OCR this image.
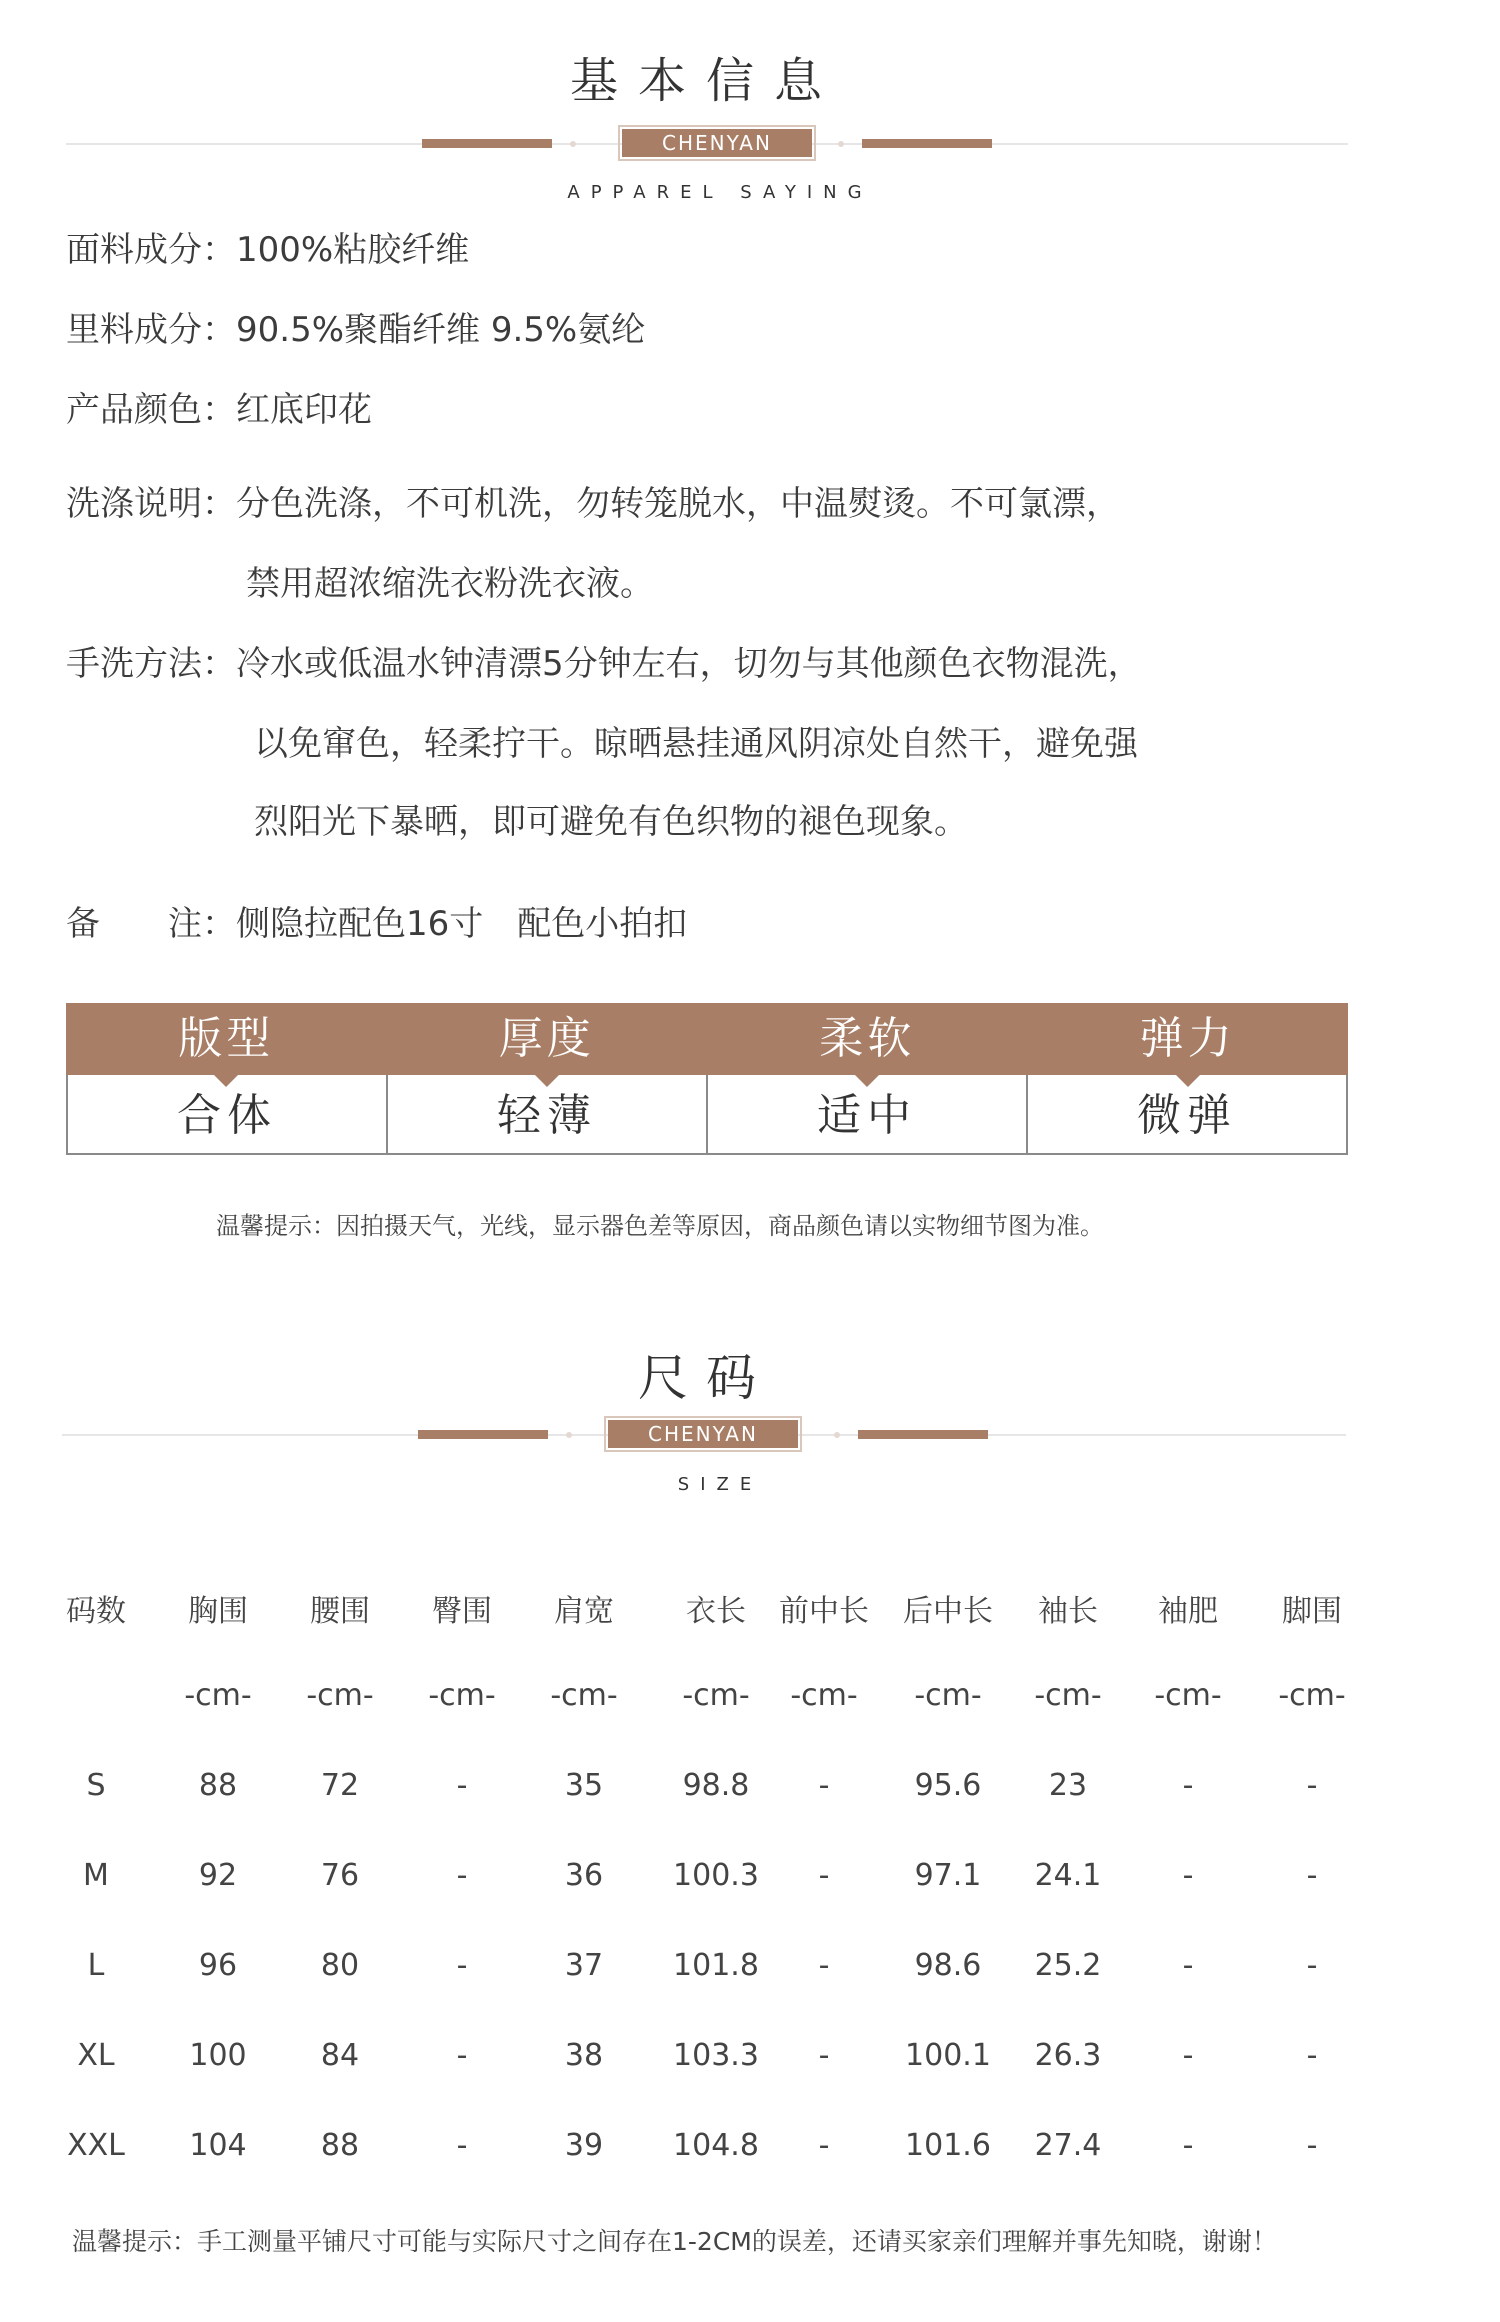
基本信息
CHENYAN
APPAREL SAYING
面料成分：100%粘胶纤维
里料成分：90.5%聚酯纤维 9.5%氨纶
产品颜色：红底印花
洗涤说明：分色洗涤，不可机洗，勿转笼脱水，中温熨烫。不可氯漂，
禁用超浓缩洗衣粉洗衣液。
手洗方法：冷水或低温水钟清漂5分钟左右，切勿与其他颜色衣物混洗，
以免窜色，轻柔拧干。晾晒悬挂通风阴凉处自然干，避免强
烈阳光下暴晒，即可避免有色织物的褪色现象。
备　　注：侧隐拉配色16寸　配色小拍扣
版型	厚度	柔软	弹力
合体	轻薄	适中	微弹
温馨提示：因拍摄天气，光线，显示器色差等原因，商品颜色请以实物细节图为准。
尺码
CHENYAN
SIZE
码数	胸围	腰围	臀围	肩宽	衣长	前中长	后中长	袖长	袖肥	脚围
-cm-	-cm-	-cm-	-cm-	-cm-	-cm-	-cm-	-cm-	-cm-	-cm-
S	88	72	-	35	98.8	-	95.6	23	-	-
M	92	76	-	36	100.3	-	97.1	24.1	-	-
L	96	80	-	37	101.8	-	98.6	25.2	-	-
XL	100	84	-	38	103.3	-	100.1	26.3	-	-
XXL	104	88	-	39	104.8	-	101.6	27.4	-	-
温馨提示：手工测量平铺尺寸可能与实际尺寸之间存在1-2CM的误差，还请买家亲们理解并事先知晓，谢谢！
